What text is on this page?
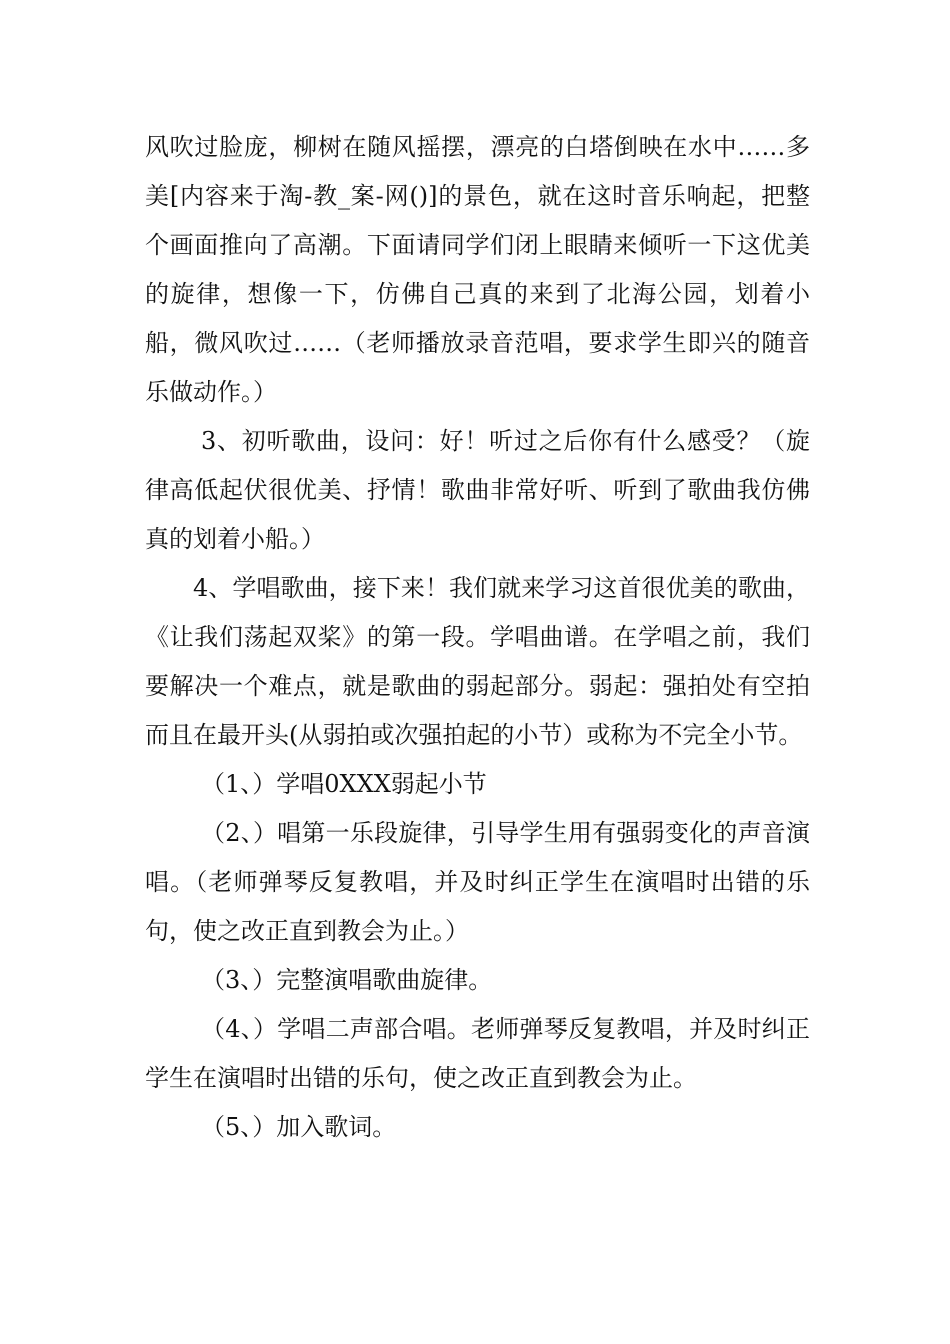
风吹过脸庞，柳树在随风摇摆，漂亮的白塔倒映在水中……多美[内容来于淘-教_案-网()]的景色，就在这时音乐响起，把整个画面推向了高潮。下面请同学们闭上眼睛来倾听一下这优美的旋律，想像一下，仿佛自己真的来到了北海公园，划着小船，微风吹过……（老师播放录音范唱，要求学生即兴的随音乐做动作。）

3、初听歌曲，设问：好！听过之后你有什么感受？（旋律高低起伏很优美、抒情！歌曲非常好听、听到了歌曲我仿佛真的划着小船。）

4、学唱歌曲，接下来！我们就来学习这首很优美的歌曲，《让我们荡起双桨》的第一段。学唱曲谱。在学唱之前，我们要解决一个难点，就是歌曲的弱起部分。弱起：强拍处有空拍而且在最开头(从弱拍或次强拍起的小节）或称为不完全小节。

（1、）学唱0XXX弱起小节

（2、）唱第一乐段旋律，引导学生用有强弱变化的声音演唱。（老师弹琴反复教唱，并及时纠正学生在演唱时出错的乐句，使之改正直到教会为止。）

（3、）完整演唱歌曲旋律。

（4、）学唱二声部合唱。老师弹琴反复教唱，并及时纠正学生在演唱时出错的乐句，使之改正直到教会为止。

（5、）加入歌词。
